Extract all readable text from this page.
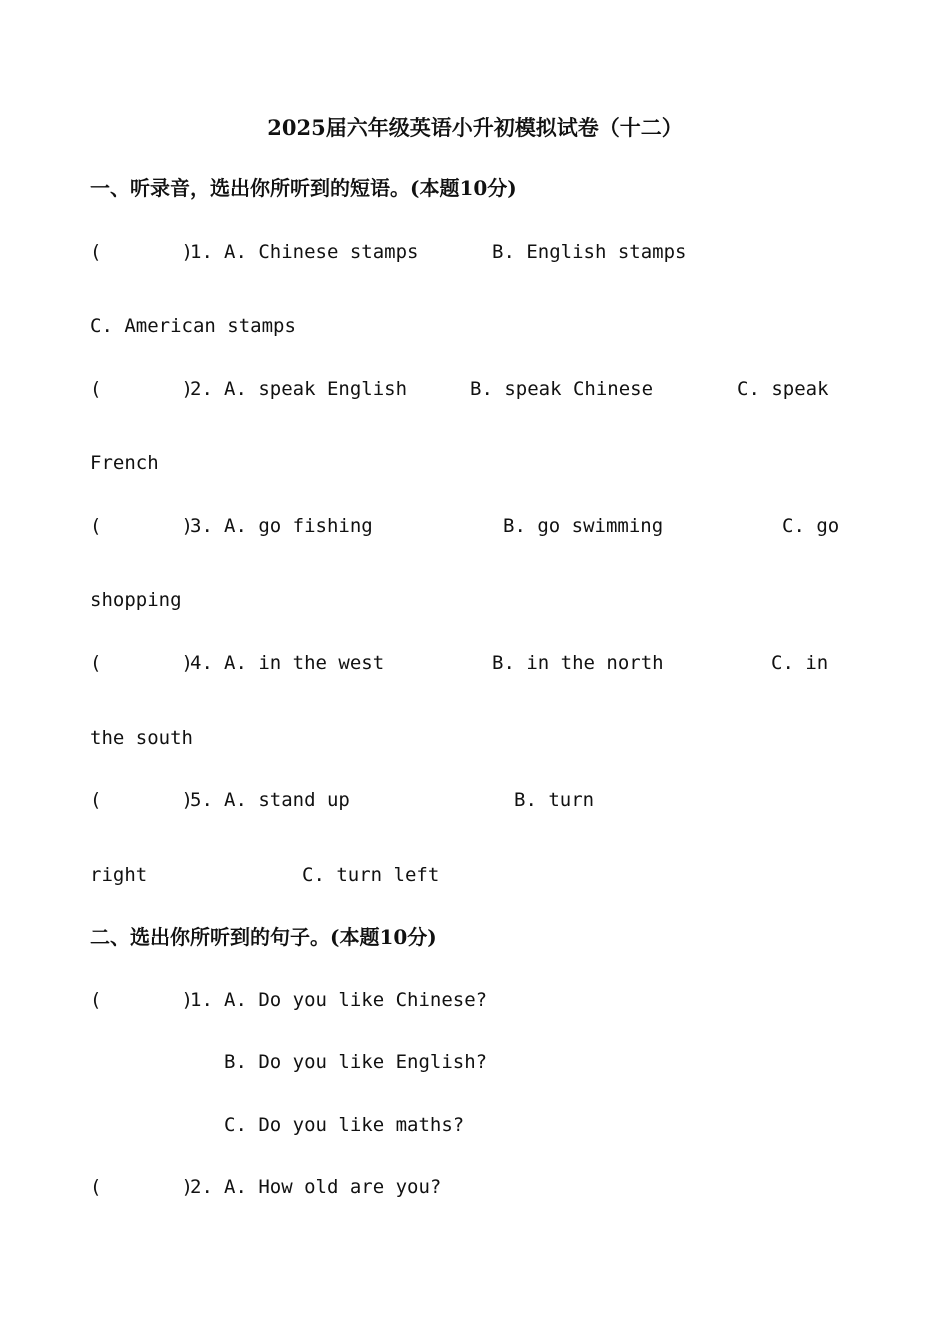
2025届六年级英语小升初模拟试卷（十二）
一、听录音，选出你所听到的短语。(本题10分)
(       )
1. A. Chinese stamps	B. English stamps
C. American stamps
(       )
2. A. speak English	B. speak Chinese	C. speak
French
(       )
3. A. go fishing	B. go swimming	C. go
shopping
(       )
4. A. in the west	B. in the north	C. in
the south
(       )
5. A. stand up	B. turn
right	C. turn left
二、选出你所听到的句子。(本题10分)
(       )
1. A. Do you like Chinese?
B. Do you like English?
C. Do you like maths?
(       )
2. A. How old are you?
